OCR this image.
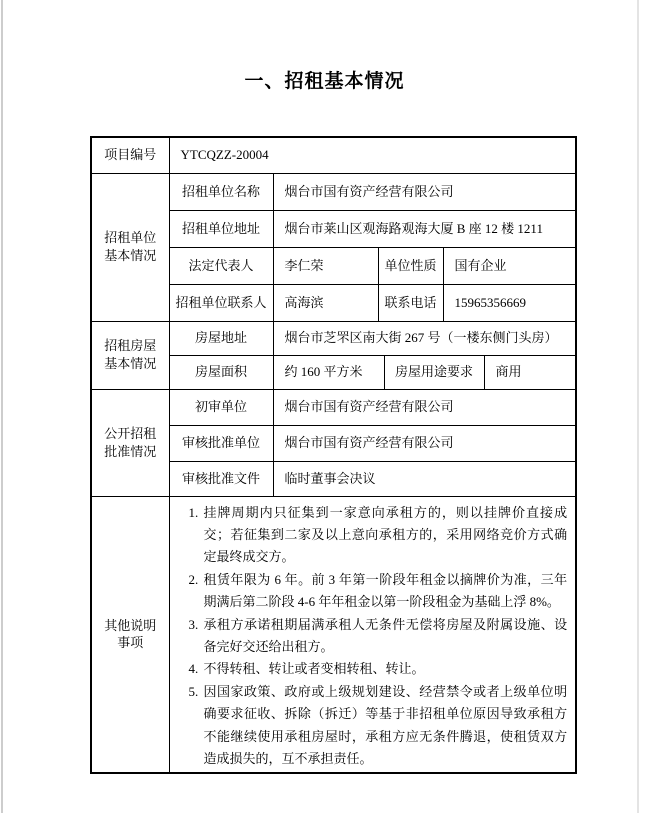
一、招租基本情况
项目编号	YTCQZZ-20004					
招租单位基本情况	招租单位名称	烟台市国有资产经营有限公司				
	招租单位地址	烟台市莱山区观海路观海大厦 B 座 12 楼 1211				
	法定代表人	李仁荣	单位性质		国有企业	
	招租单位联系人	高海滨	联系电话		15965356669	
招租房屋基本情况	房屋地址	烟台市芝罘区南大街 267 号（一楼东侧门头房）				
	房屋面积	约 160 平方米		房屋用途要求		商用
公开招租批准情况	初审单位	烟台市国有资产经营有限公司				
	审核批准单位	烟台市国有资产经营有限公司				
	审核批准文件	临时董事会决议				
其他说明事项	
1. 挂牌周期内只征集到一家意向承租方的，则以挂牌价直接成交；若征集到二家及以上意向承租方的，采用网络竞价方式确定最终成交方。
2. 租赁年限为 6 年。前 3 年第一阶段年租金以摘牌价为准，三年期满后第二阶段 4-6 年年租金以第一阶段租金为基础上浮 8%。
3. 承租方承诺租期届满承租人无条件无偿将房屋及附属设施、设备完好交还给出租方。
4. 不得转租、转让或者变相转租、转让。
5. 因国家政策、政府或上级规划建设、经营禁令或者上级单位明确要求征收、拆除（拆迁）等基于非招租单位原因导致承租方不能继续使用承租房屋时，承租方应无条件腾退，使租赁双方造成损失的，互不承担责任。
